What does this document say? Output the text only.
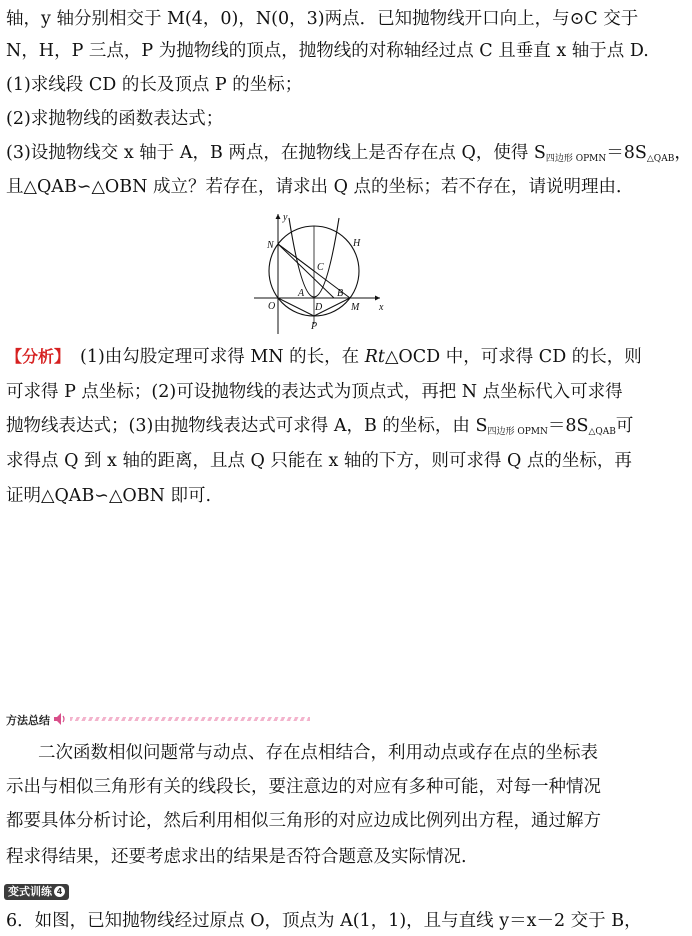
轴，y 轴分别相交于 M(4，0)，N(0，3)两点．已知抛物线开口向上，与⊙C 交于
N，H，P 三点，P 为抛物线的顶点，抛物线的对称轴经过点 C 且垂直 x 轴于点 D.
(1)求线段 CD 的长及顶点 P 的坐标；
(2)求抛物线的函数表达式；
(3)设抛物线交 x 轴于 A，B 两点，在抛物线上是否存在点 Q，使得 $S_{四边形 OPMN}=8S_{\triangle QAB}$，
且△QAB∽△OBN 成立？若存在，请求出 Q 点的坐标；若不存在，请说明理由．
y
x
N	H
C
A	B
O	D	M
P
【分析】 (1)由勾股定理可求得 MN 的长，在 Rt△OCD 中，可求得 CD 的长，则
可求得 P 点坐标；(2)可设抛物线的表达式为顶点式，再把 N 点坐标代入可求得
抛物线表达式；(3)由抛物线表达式可求得 A，B 的坐标，由 $S_{四边形 OPMN}=8S_{\triangle QAB}$可
求得点 Q 到 x 轴的距离，且点 Q 只能在 x 轴的下方，则可求得 Q 点的坐标，再
证明△QAB∽△OBN 即可.
方法总结
二次函数相似问题常与动点、存在点相结合，利用动点或存在点的坐标表
示出与相似三角形有关的线段长，要注意边的对应有多种可能，对每一种情况
都要具体分析讨论，然后利用相似三角形的对应边成比例列出方程，通过解方
程求得结果，还要考虑求出的结果是否符合题意及实际情况.
变式训练 4
6．如图，已知抛物线经过原点 O，顶点为 A(1，1)，且与直线 y＝x－2 交于 B，
